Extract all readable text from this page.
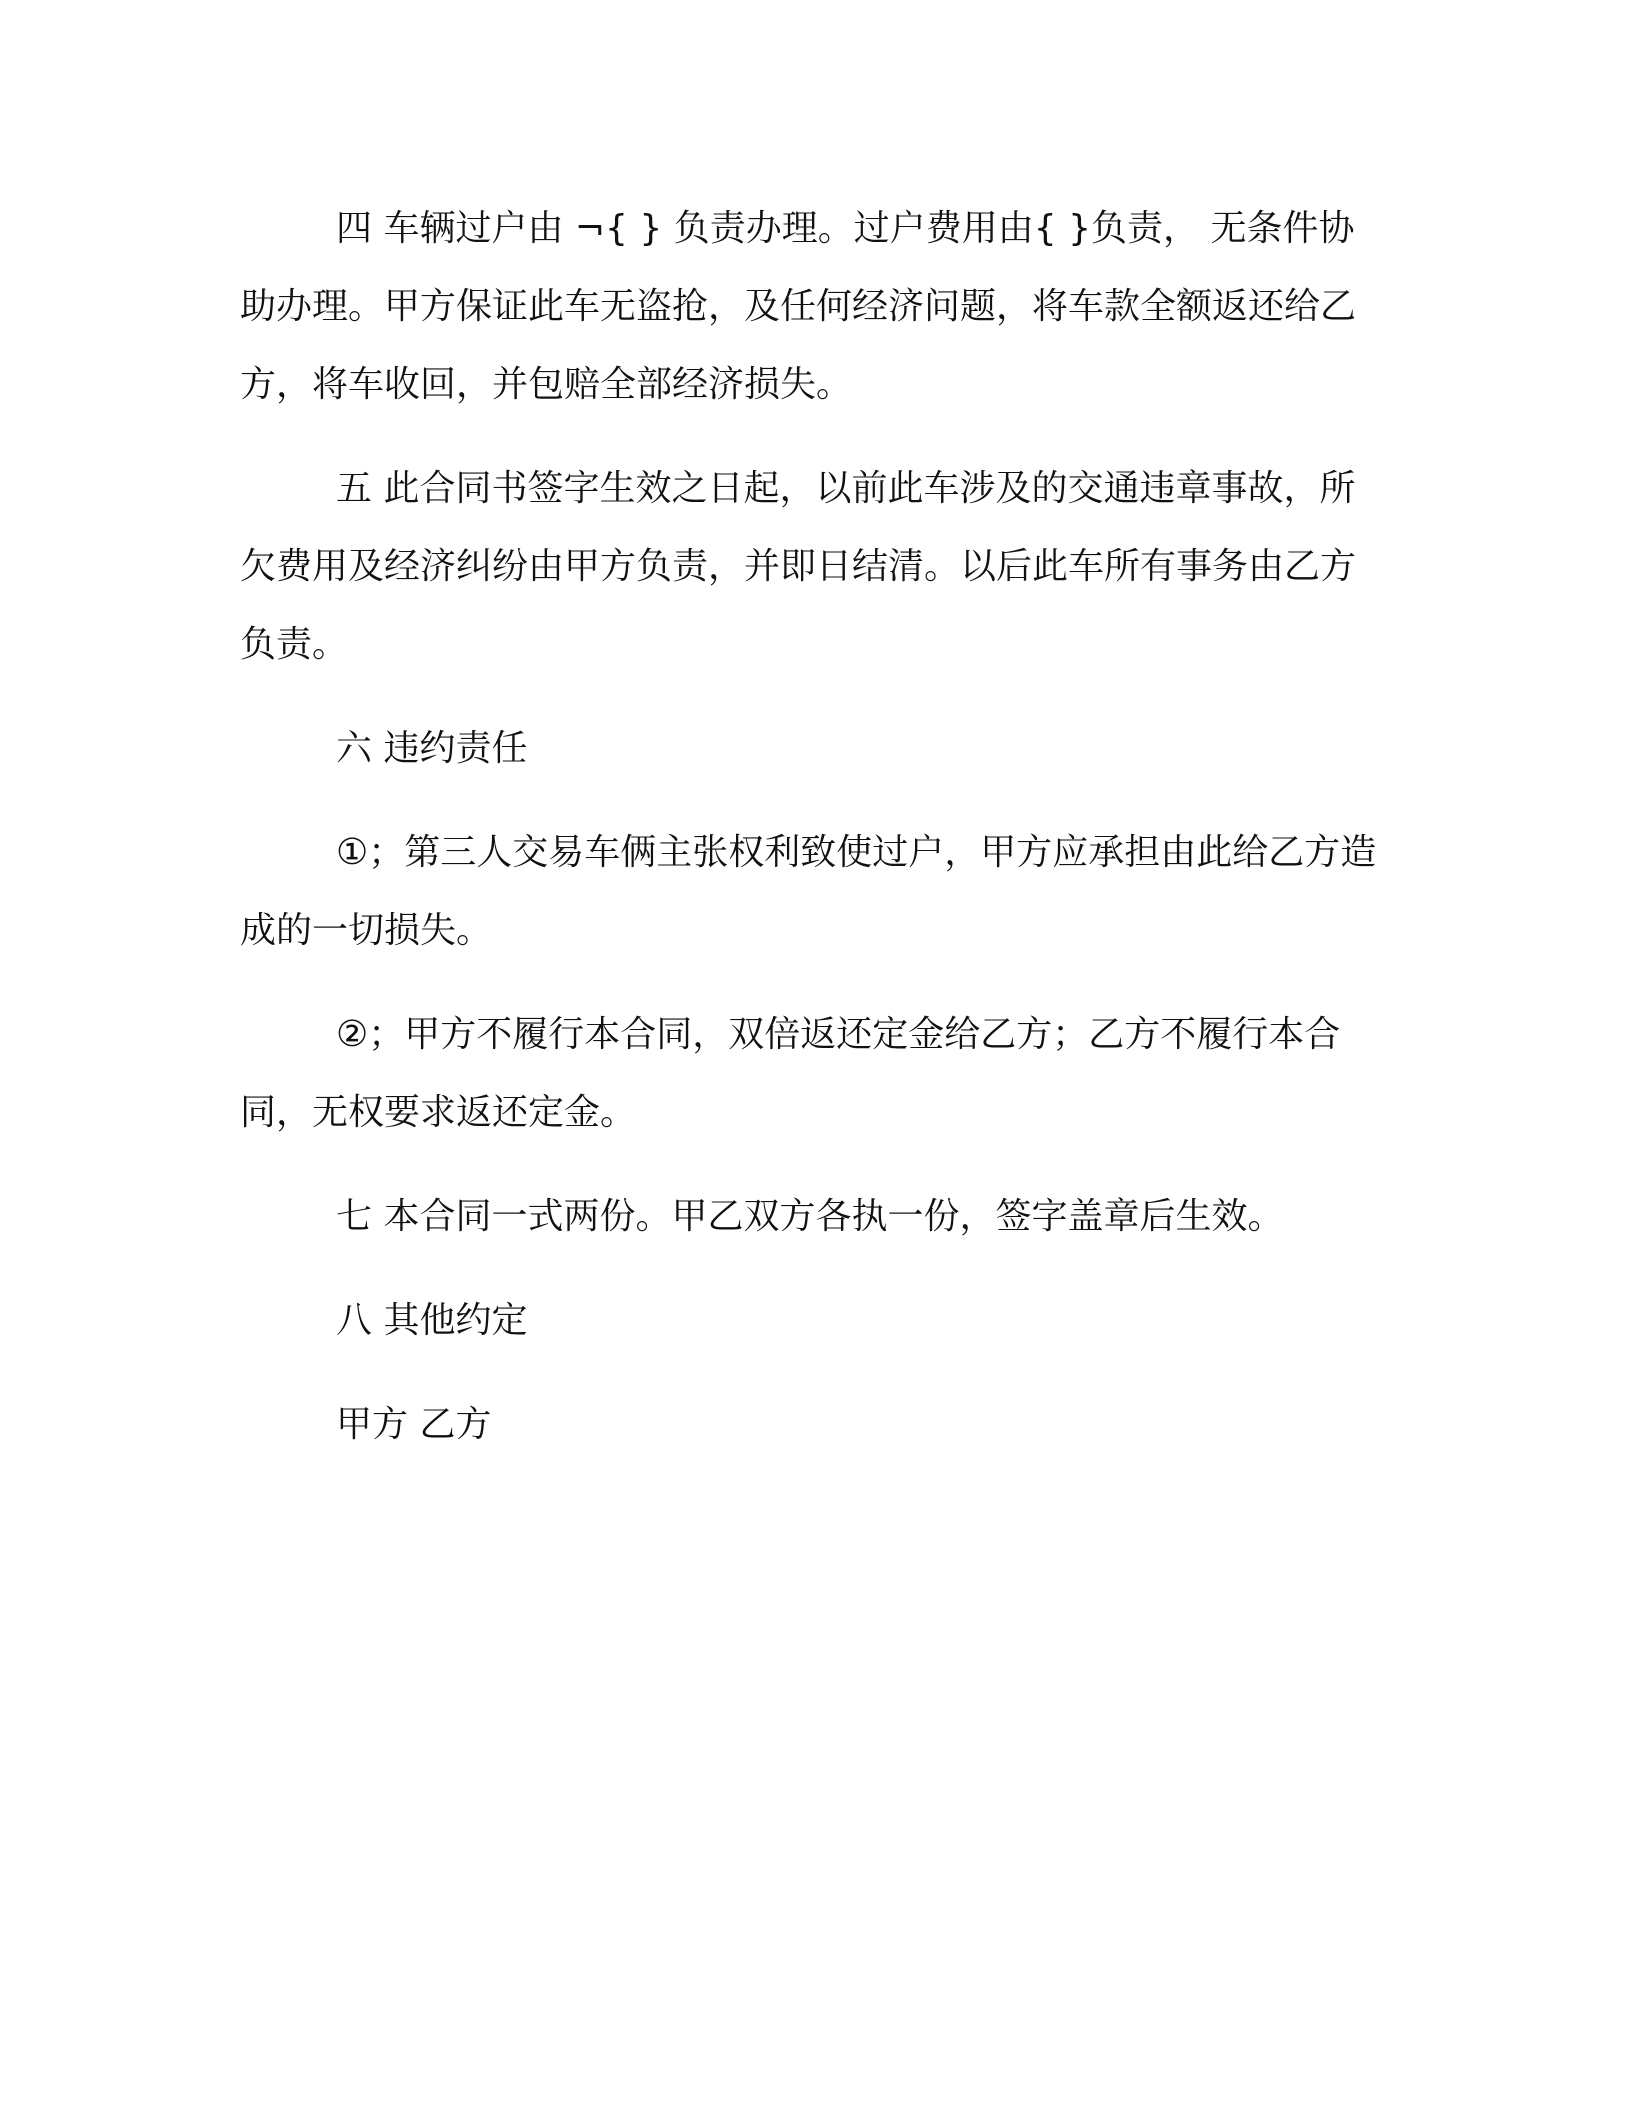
四 车辆过户由 ¬{ } 负责办理。过户费用由{ }负责， 无条件协助办理。甲方保证此车无盗抢，及任何经济问题，将车款全额返还给乙方，将车收回，并包赔全部经济损失。

五 此合同书签字生效之日起，以前此车涉及的交通违章事故，所欠费用及经济纠纷由甲方负责，并即日结清。以后此车所有事务由乙方负责。

六 违约责任

①；第三人交易车俩主张权利致使过户，甲方应承担由此给乙方造成的一切损失。

②；甲方不履行本合同，双倍返还定金给乙方；乙方不履行本合同，无权要求返还定金。

七 本合同一式两份。甲乙双方各执一份，签字盖章后生效。

八 其他约定

甲方 乙方
